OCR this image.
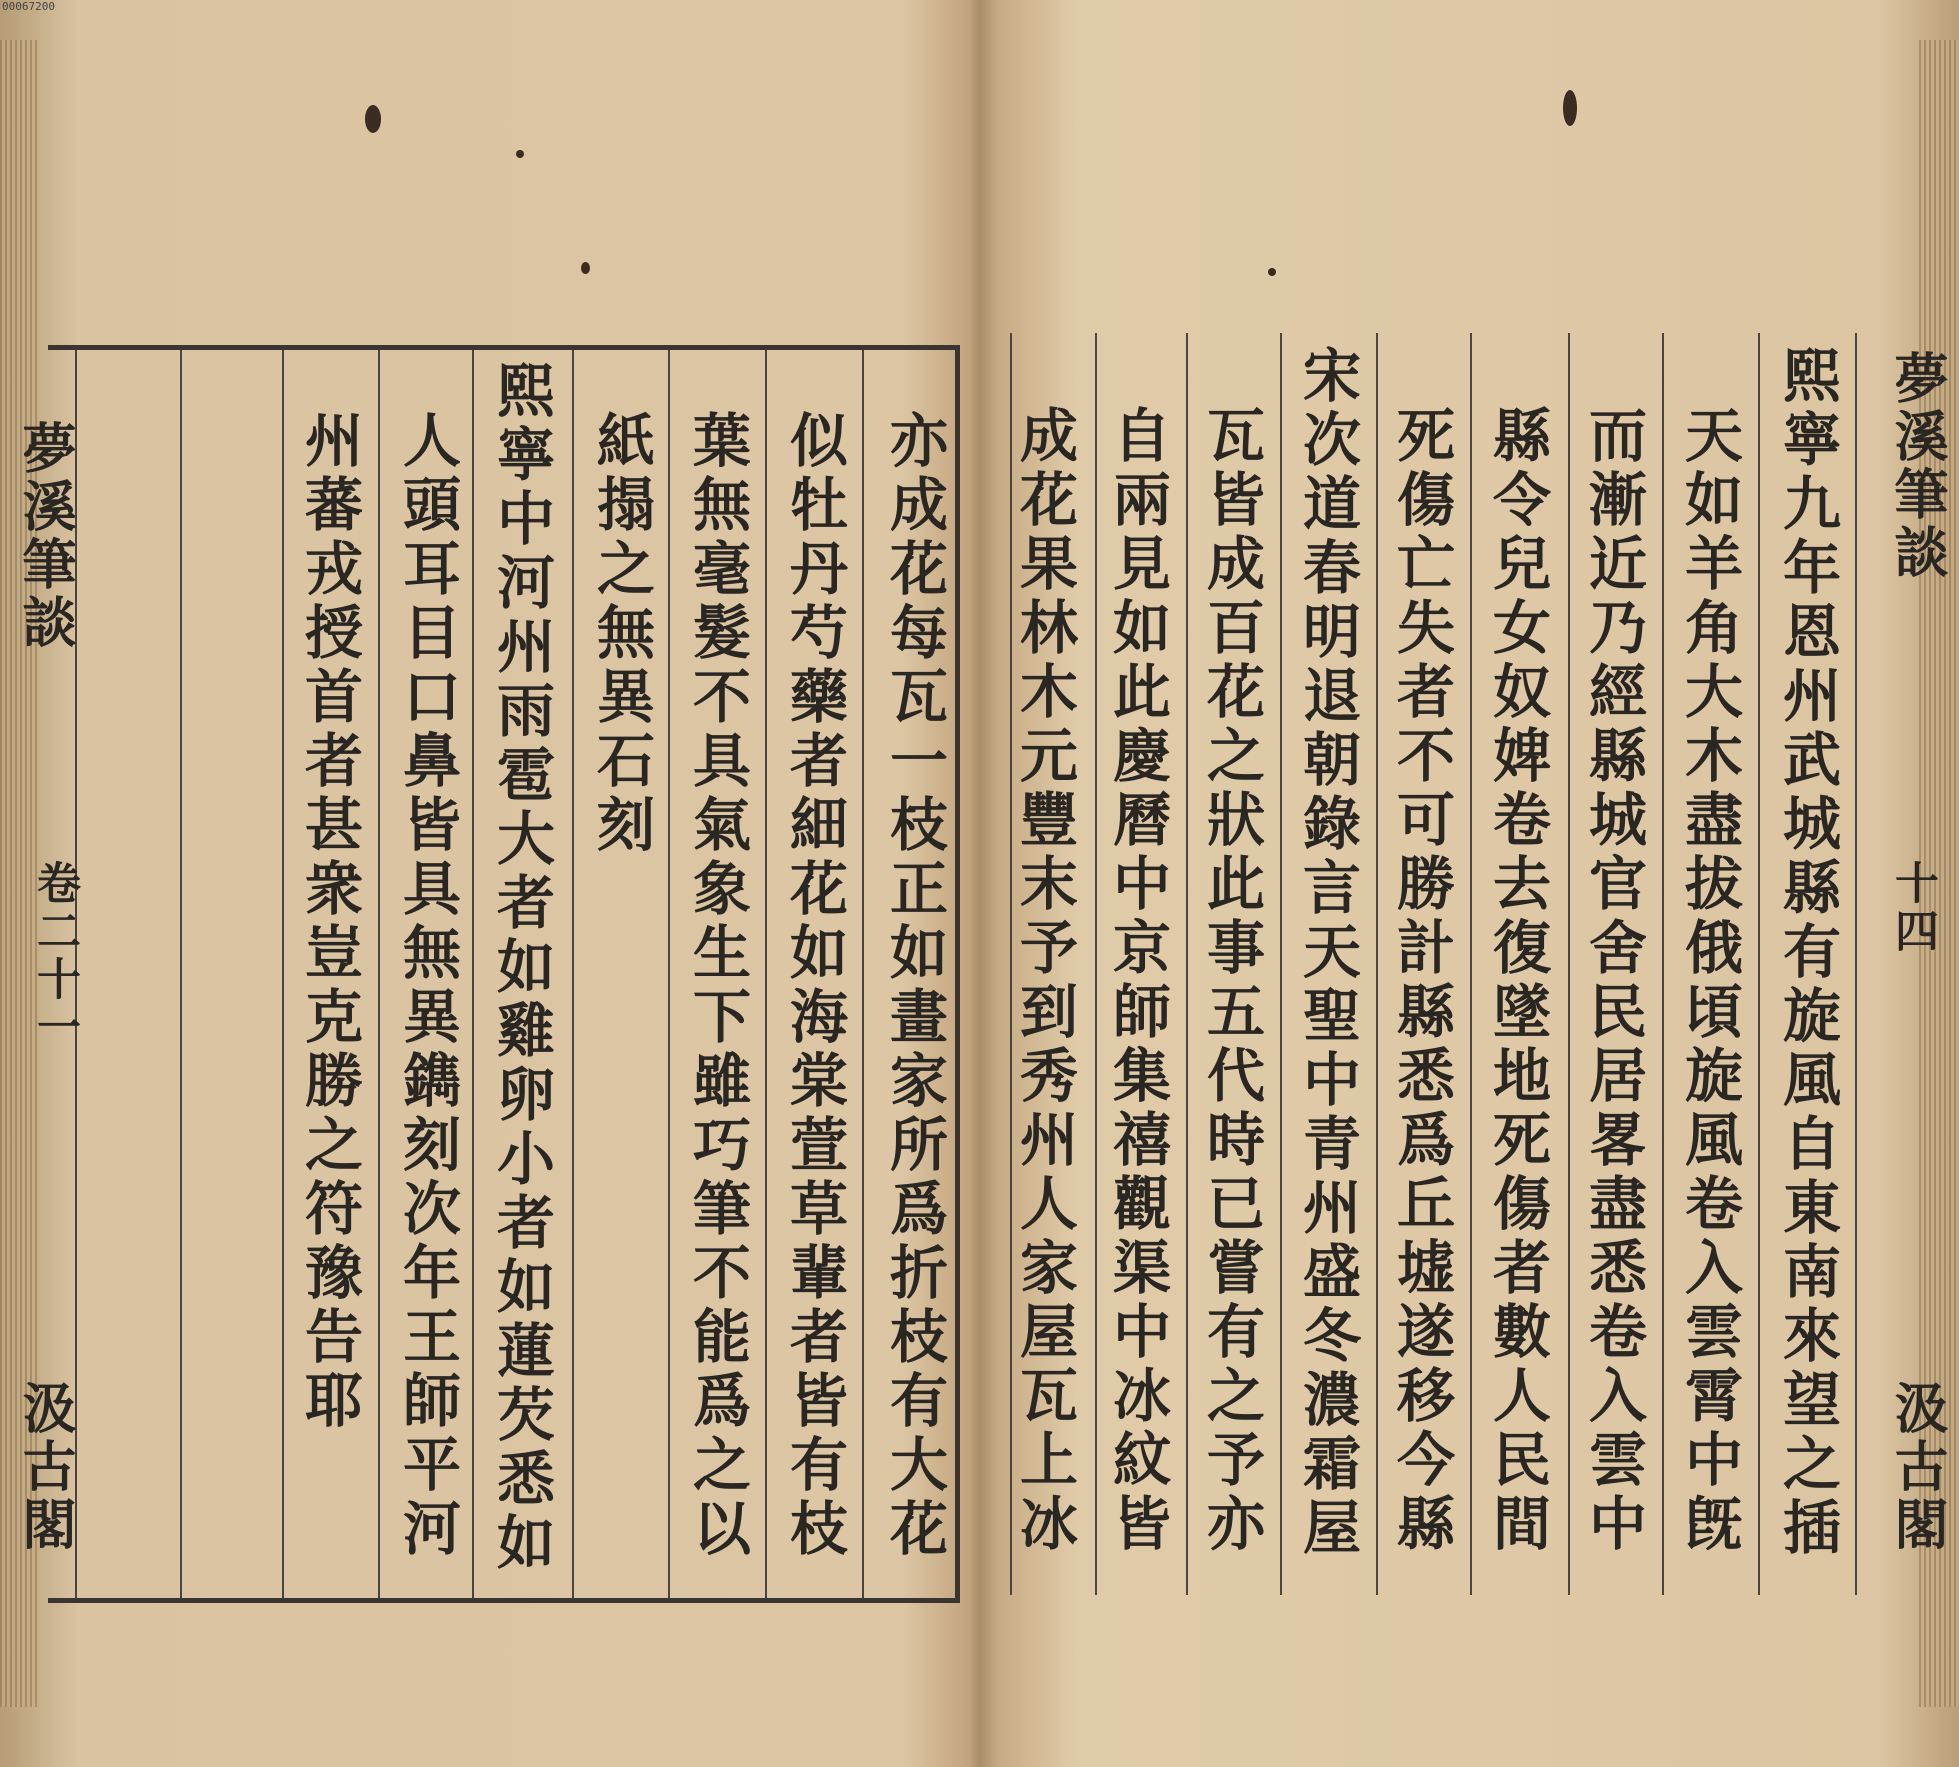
00067200
夢溪筆談
卷二十一
汲古閣	亦成花每瓦一枝正如畫家所爲折枝有大花
似牡丹芍藥者細花如海棠萱草輩者皆有枝
葉無毫髮不具氣象生下雖巧筆不能爲之以
紙搨之無異石刻
熙寧中河州雨雹大者如雞卵小者如蓮芡悉如
人頭耳目口鼻皆具無異鐫刻次年王師平河
州蕃戎授首者甚衆豈克勝之符豫告耶	熙寧九年恩州武城縣有旋風自東南來望之插
天如羊角大木盡拔俄頃旋風卷入雲霄中旣
而漸近乃經縣城官舍民居畧盡悉卷入雲中
縣令兒女奴婢卷去復墜地死傷者數人民間
死傷亡失者不可勝計縣悉爲丘墟遂移今縣
宋次道春明退朝錄言天聖中青州盛冬濃霜屋
瓦皆成百花之狀此事五代時已嘗有之予亦
自兩見如此慶曆中京師集禧觀渠中冰紋皆
成花果林木元豐末予到秀州人家屋瓦上冰	夢溪筆談
十四
汲古閣
